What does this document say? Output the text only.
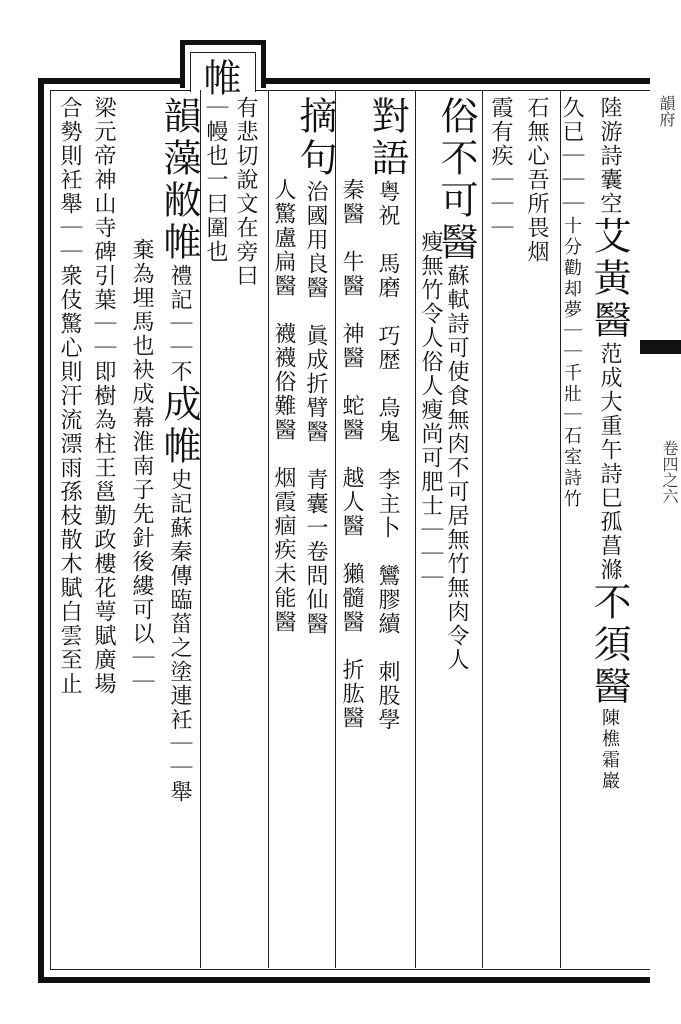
韻府
卷四之六
帷
陸游詩囊空艾黃醫范成大重午詩巳孤菖滌不須醫陳樵霜巖
久已｜｜｜十分勸却夢｜｜千壯｜石室詩竹
石無心吾所畏烟
霞有疾｜｜｜
俗不可醫蘇軾詩可使食無肉不可居無竹無肉令人
瘦無竹令人俗人瘦尚可肥士｜｜｜
對語粤祝　馬磨　巧歴　烏鬼　李主卜　鸞膠續　刺股學
秦醫　牛醫　神醫　蛇醫　越人醫　獺髓醫　折肱醫
摘句治國用良醫　眞成折臂醫　青囊一卷問仙醫
人驚盧扁醫　襪襪俗難醫　烟霞痼疾未能醫
有悲切說文在旁曰
｜幔也一曰圍也
韻藻敝帷禮記｜｜不成帷史記蘇秦傳臨菑之塗連衽｜｜舉
棄為埋馬也袂成幕淮南子先針後縷可以｜｜
梁元帝神山寺碑引葉｜｜即樹為柱王邕勤政樓花萼賦廣場
合勢則衽舉｜｜衆伎驚心則汗流漂雨孫枝散木賦白雲至止
